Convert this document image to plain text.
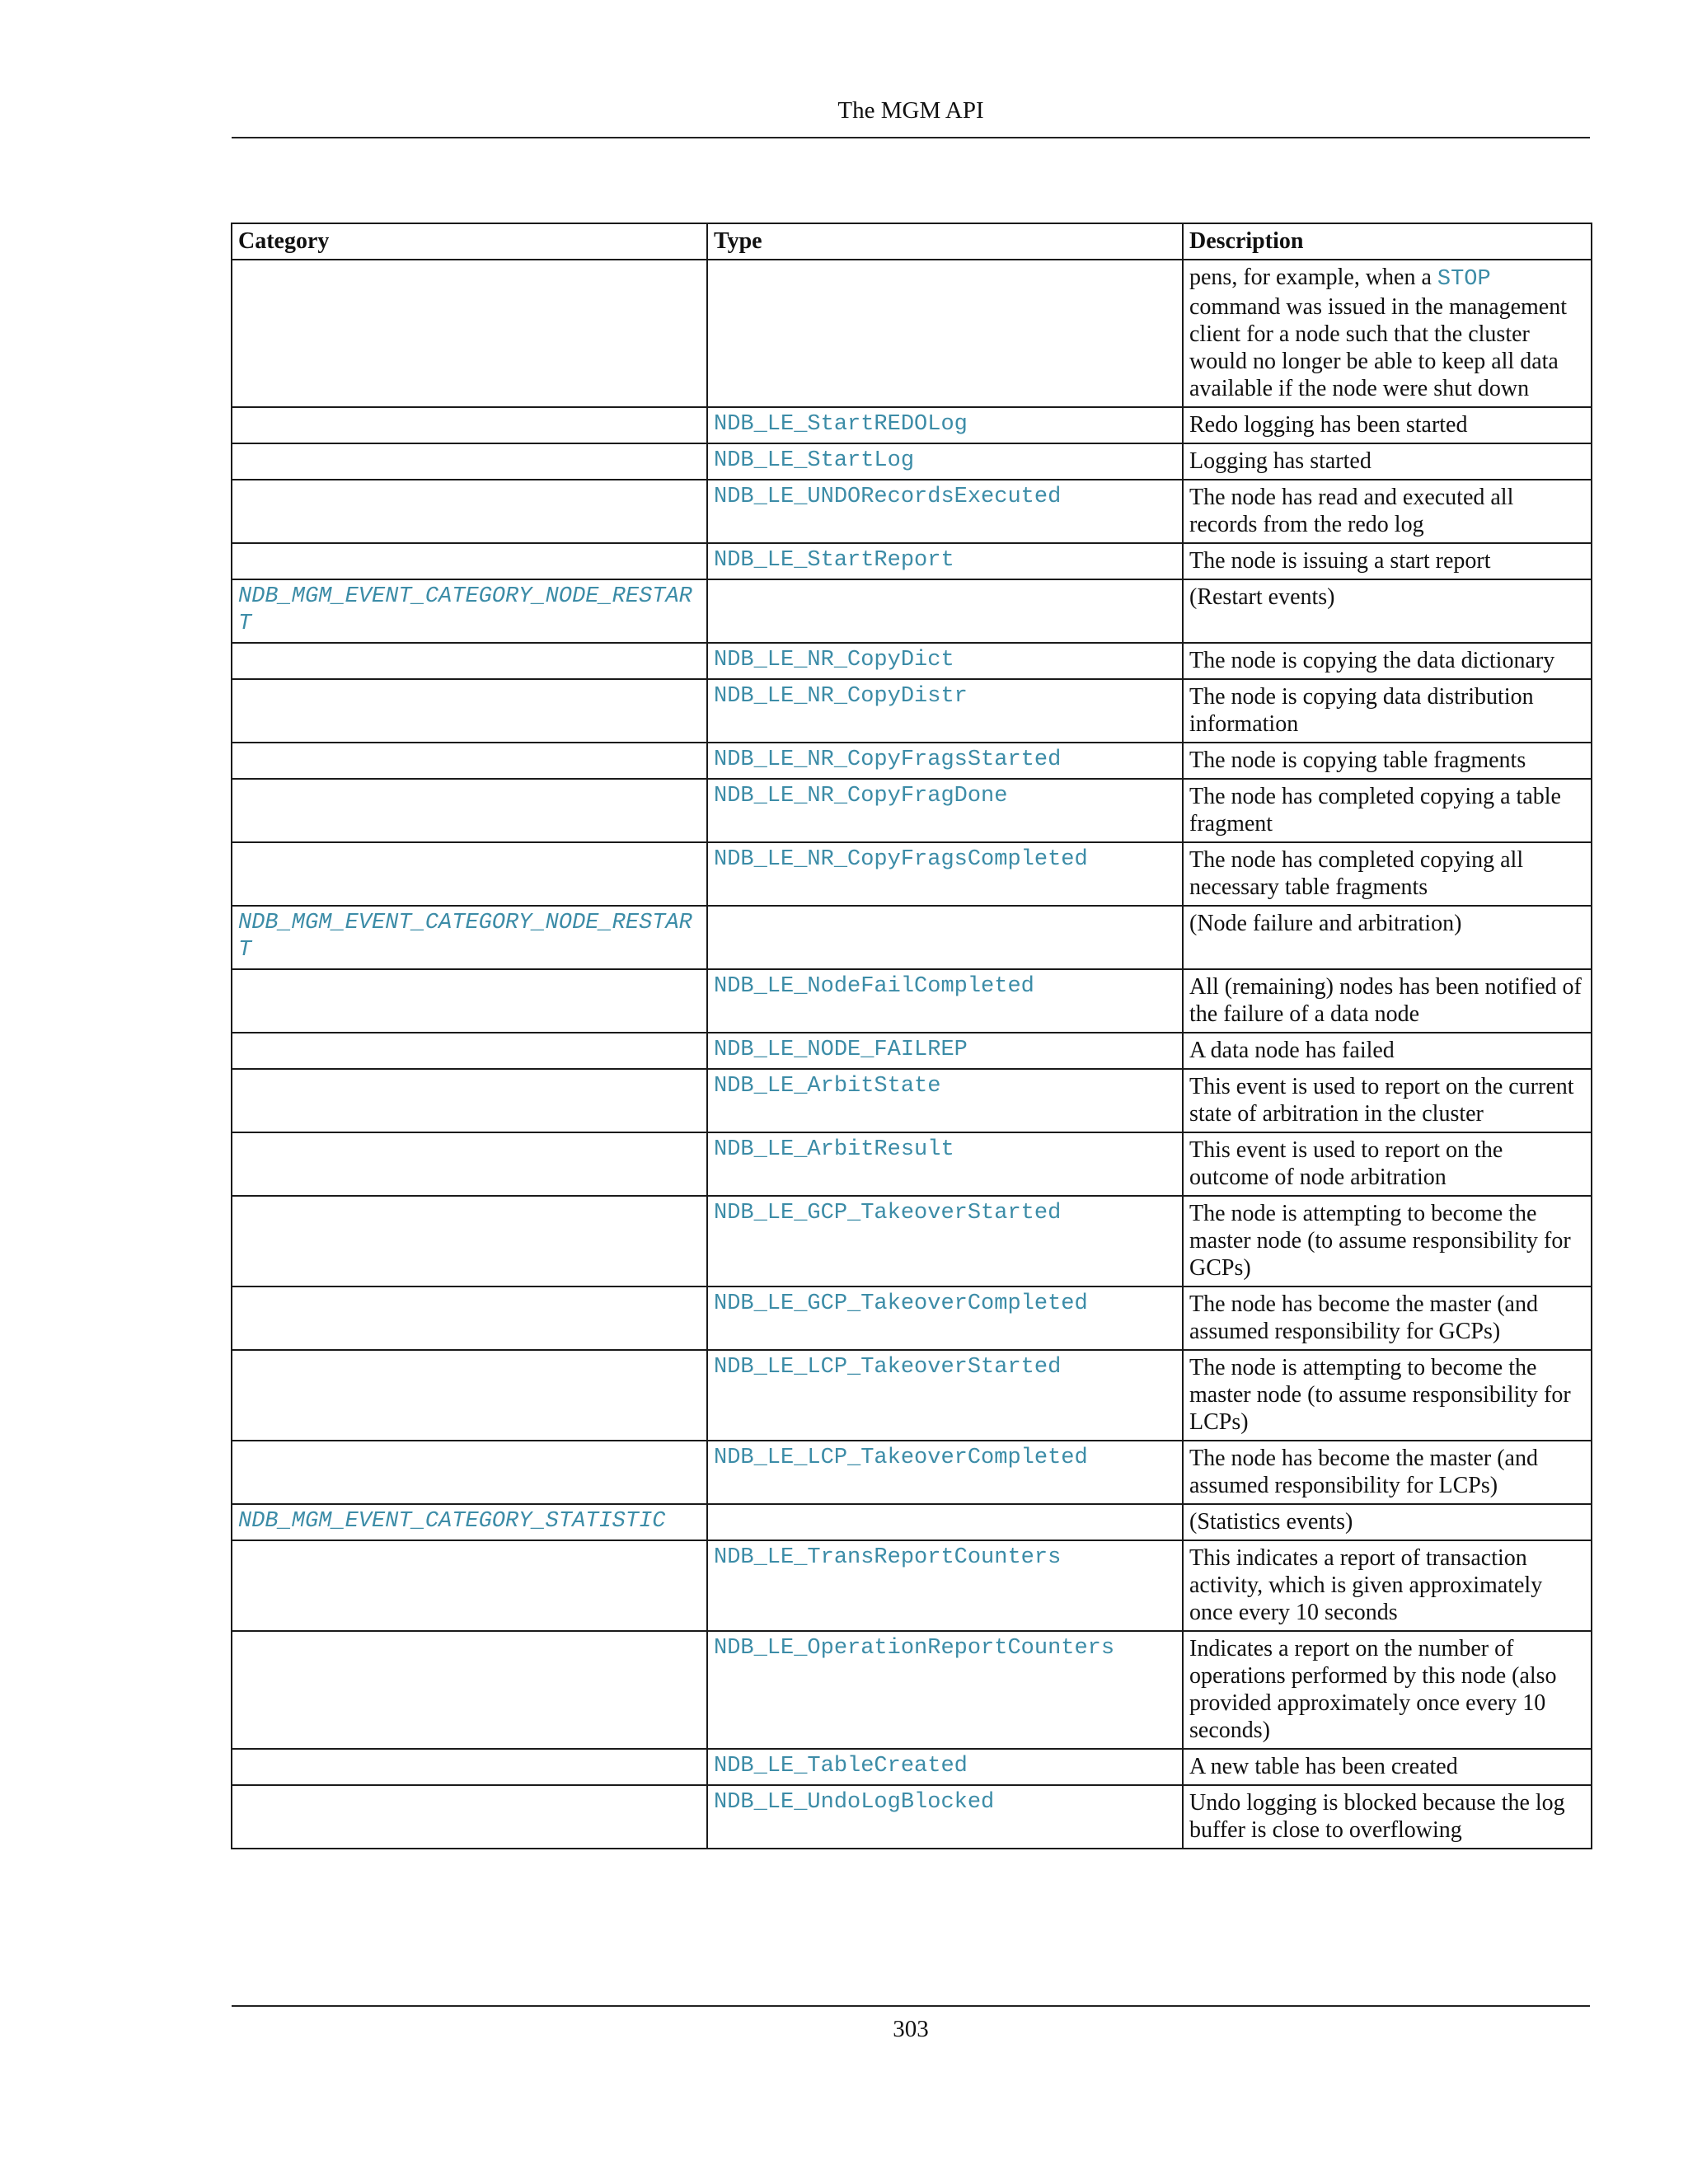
The MGM API
Category	Type	Description
		pens, for example, when a STOP command was issued in the management client for a node such that the cluster would no longer be able to keep all data available if the node were shut down
	NDB_LE_StartREDOLog	Redo logging has been started
	NDB_LE_StartLog	Logging has started
	NDB_LE_UNDORecordsExecuted	The node has read and executed all records from the redo log
	NDB_LE_StartReport	The node is issuing a start report
NDB_MGM_EVENT_CATEGORY_NODE_RESTART		(Restart events)
	NDB_LE_NR_CopyDict	The node is copying the data dictionary
	NDB_LE_NR_CopyDistr	The node is copying data distribution information
	NDB_LE_NR_CopyFragsStarted	The node is copying table fragments
	NDB_LE_NR_CopyFragDone	The node has completed copying a table fragment
	NDB_LE_NR_CopyFragsCompleted	The node has completed copying all necessary table fragments
NDB_MGM_EVENT_CATEGORY_NODE_RESTART		(Node failure and arbitration)
	NDB_LE_NodeFailCompleted	All (remaining) nodes has been notified of the failure of a data node
	NDB_LE_NODE_FAILREP	A data node has failed
	NDB_LE_ArbitState	This event is used to report on the current state of arbitration in the cluster
	NDB_LE_ArbitResult	This event is used to report on the outcome of node arbitration
	NDB_LE_GCP_TakeoverStarted	The node is attempting to become the master node (to assume responsibility for GCPs)
	NDB_LE_GCP_TakeoverCompleted	The node has become the master (and assumed responsibility for GCPs)
	NDB_LE_LCP_TakeoverStarted	The node is attempting to become the master node (to assume responsibility for LCPs)
	NDB_LE_LCP_TakeoverCompleted	The node has become the master (and assumed responsibility for LCPs)
NDB_MGM_EVENT_CATEGORY_STATISTIC		(Statistics events)
	NDB_LE_TransReportCounters	This indicates a report of transaction activity, which is given approximately once every 10 seconds
	NDB_LE_OperationReportCounters	Indicates a report on the number of operations performed by this node (also provided approximately once every 10 seconds)
	NDB_LE_TableCreated	A new table has been created
	NDB_LE_UndoLogBlocked	Undo logging is blocked because the log buffer is close to overflowing
303
